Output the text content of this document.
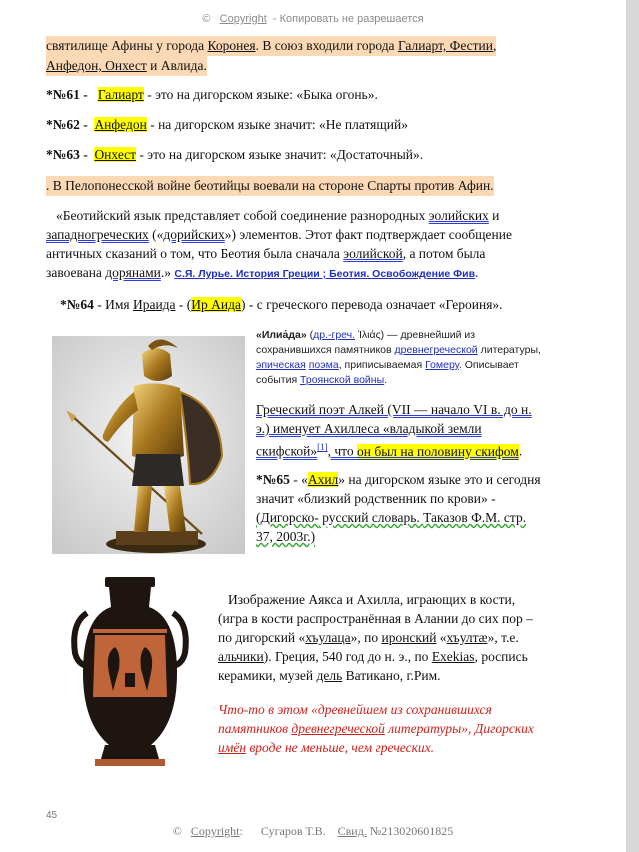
© Copyright - Копировать не разрешается
святилище Афины у города Коронея. В союз входили города Галиарт, Фестии,
Анфедон, Онхест и Авлида.
*№61 - Галиарт - это на дигорском языке: «Быка огонь».
*№62 - Анфедон - на дигорском языке значит: «Не платящий»
*№63 - Онхест - это на дигорском языке значит: «Достаточный».
. В Пелопонесской войне беотийцы воевали на стороне Спарты против Афин.
«Беотийский язык представляет собой соединение разнородных эолийских и
западногреческих («дорийских») элементов. Этот факт подтверждает сообщение
античных сказаний о том, что Беотия была сначала эолийской, а потом была
завоевана дорянами.» С.Я. Лурье. История Греции ; Беотия. Освобождение Фив.
*№64 - Имя Ираида - (Ир Аида) - с греческого перевода означает «Героиня».
«Илиа́да» (др.-греч. Ἰλιάς) — древнейший из
сохранившихся памятников древнегреческой литературы,
эпическая поэма, приписываемая Гомеру. Описывает
события Троянской войны.
Греческий поэт Алкей (VII — начало VI в. до н.
э.) именует Ахиллеса «владыкой земли
скифской»[1], что он был на половину скифом.
*№65 - «Ахил» на дигорском языке это и сегодня
значит «близкий родственник по крови» -
(Дигорско- русский словарь. Таказов Ф.М. стр.
37, 2003г.)
Изображение Аякса и Ахилла, играющих в кости,
(игра в кости распространённая в Алании до сих пор –
по дигорский «хъулаца», по иронский «хъултæ», т.е.
альчики). Греция, 540 год до н. э., по Exekias, роспись
керамики, музей дель Ватикано, г.Рим.
Что-то в этом «древнейшем из сохранившихся
памятников древнегреческой литературы», Дигорских
имён вроде не меньше, чем греческих.
45
© Copyright:      Сугаров Т.В. Свид. №213020601825
